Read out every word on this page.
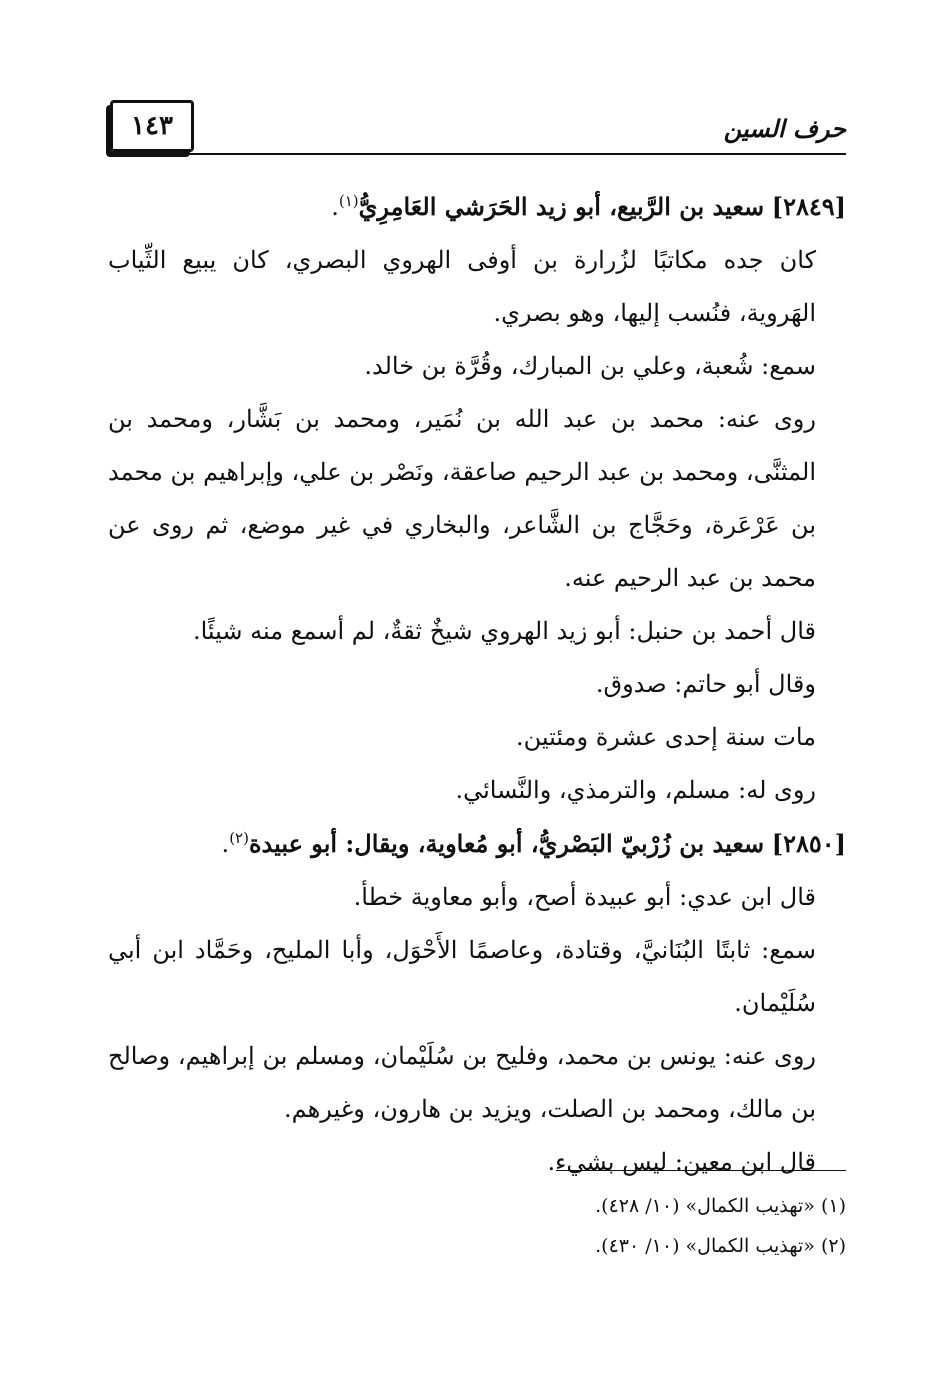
١٤٣	حرف السين

[٢٨٤٩] سعيد بن الرَّبيع، أبو زيد الحَرَشي العَامِرِيُّ$^{(١)}$.

كان جده مكاتبًا لزُرارة بن أوفى الهروي البصري، كان يبيع الثِّياب الهَروية، فنُسب إليها، وهو بصري.

سمع: شُعبة، وعلي بن المبارك، وقُرَّة بن خالد.

روى عنه: محمد بن عبد الله بن نُمَير، ومحمد بن بَشَّار، ومحمد بن المثنَّى، ومحمد بن عبد الرحيم صاعقة، ونَصْر بن علي، وإبراهيم بن محمد بن عَرْعَرة، وحَجَّاج بن الشَّاعر، والبخاري في غير موضع، ثم روى عن محمد بن عبد الرحيم عنه.

قال أحمد بن حنبل: أبو زيد الهروي شيخٌ ثقةٌ، لم أسمع منه شيئًا.

وقال أبو حاتم: صدوق.

مات سنة إحدى عشرة ومئتين.

روى له: مسلم، والترمذي، والنَّسائي.

[٢٨٥٠] سعيد بن زُرْبيّ البَصْريُّ، أبو مُعاوية، ويقال: أبو عبيدة$^{(٢)}$.

قال ابن عدي: أبو عبيدة أصح، وأبو معاوية خطأ.

سمع: ثابتًا البُنَانيَّ، وقتادة، وعاصمًا الأَحْوَل، وأبا المليح، وحَمَّاد ابن أبي سُلَيْمان.

روى عنه: يونس بن محمد، وفليح بن سُلَيْمان، ومسلم بن إبراهيم، وصالح بن مالك، ومحمد بن الصلت، ويزيد بن هارون، وغيرهم.

قال ابن معين: ليس بشيء.

(١) «تهذيب الكمال» (١٠/ ٤٢٨).

(٢) «تهذيب الكمال» (١٠/ ٤٣٠).
